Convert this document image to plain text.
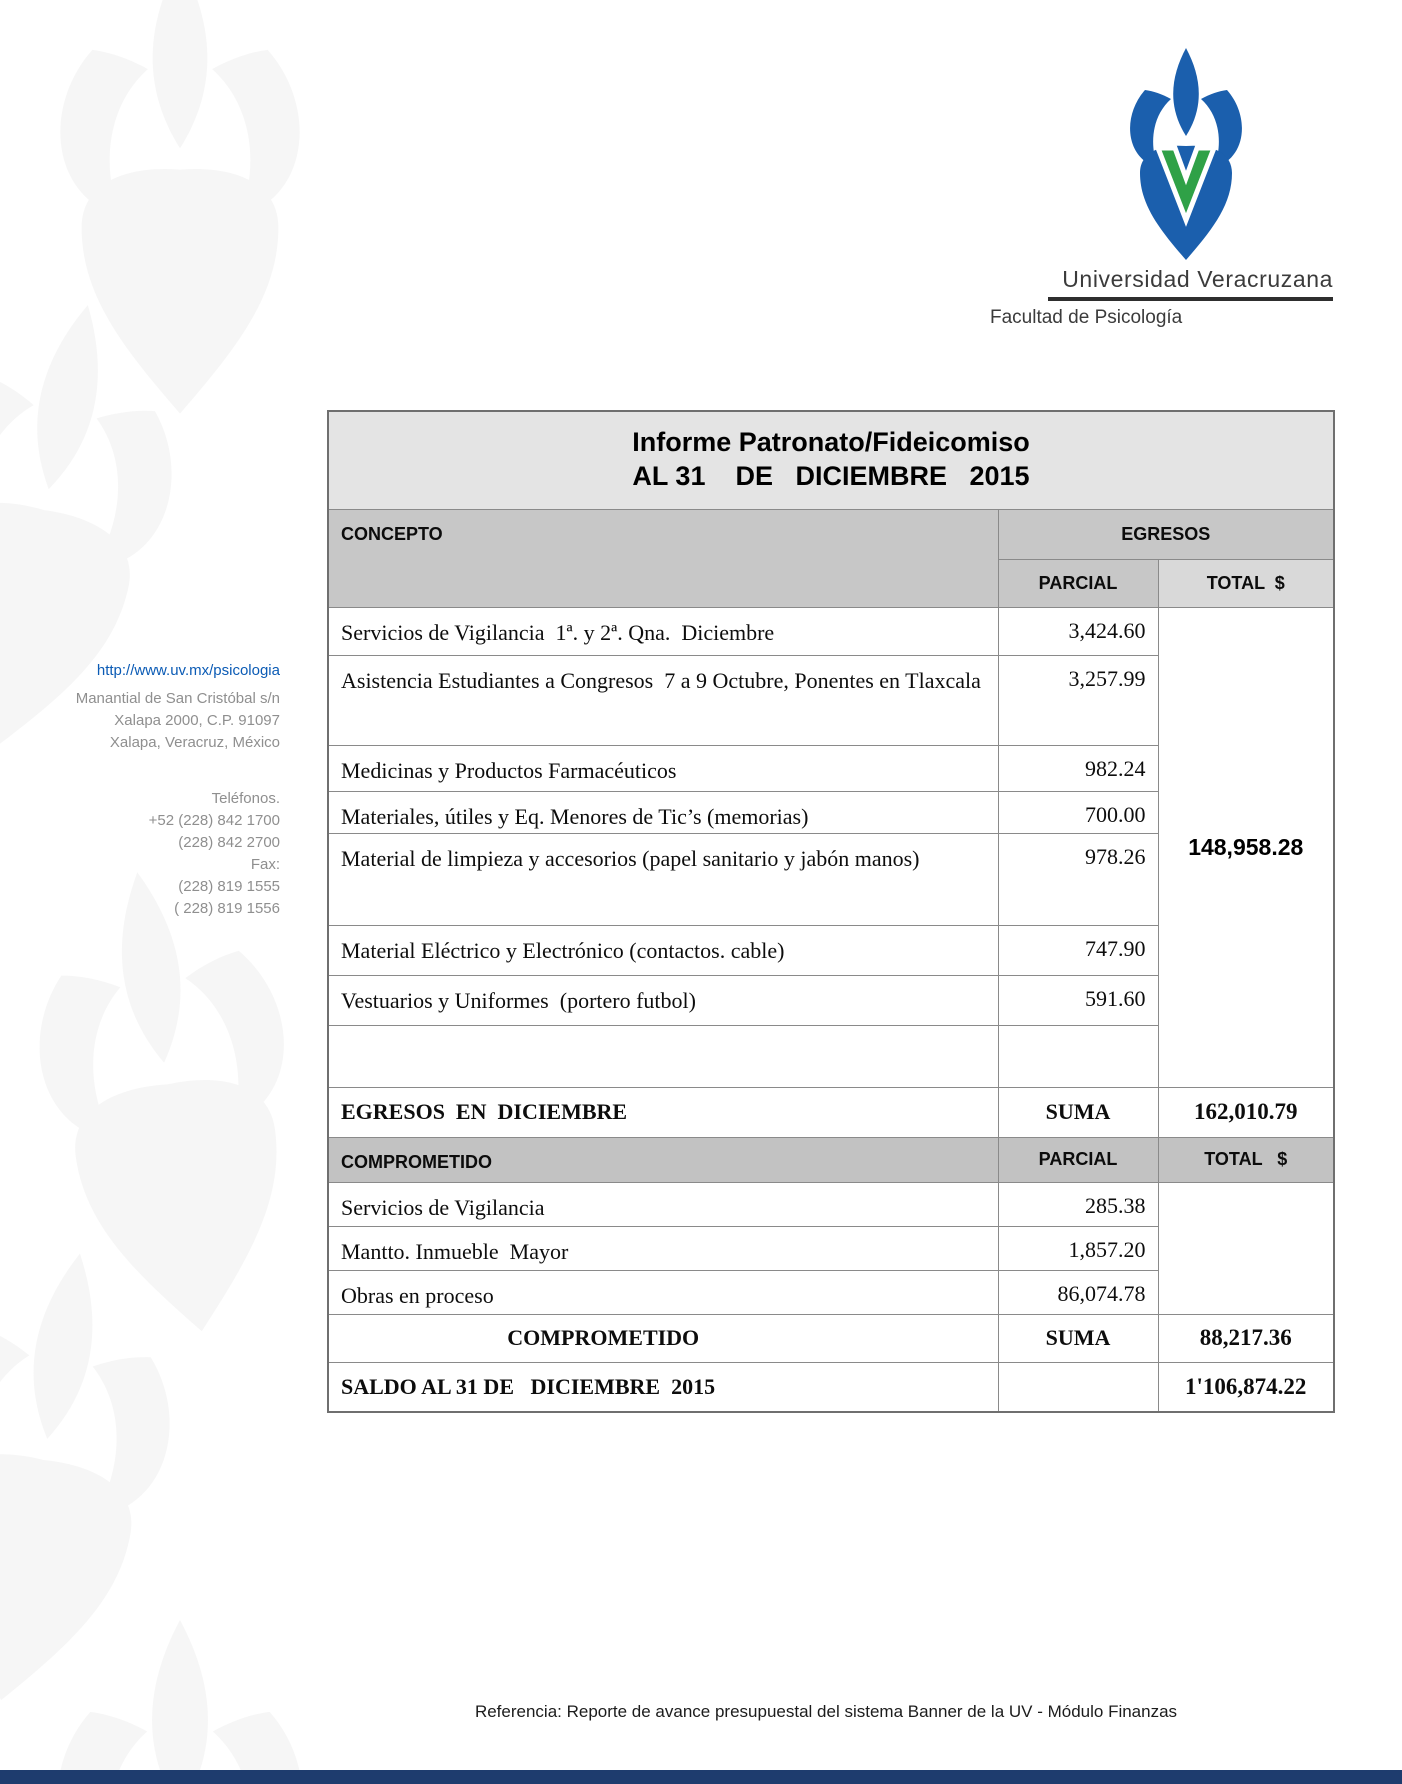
Universidad Veracruzana
Facultad de Psicología
http://www.uv.mx/psicologia
Manantial de San Cristóbal s/n
Xalapa 2000, C.P. 91097
Xalapa, Veracruz, México
Teléfonos.
+52 (228) 842 1700
(228) 842 2700
Fax:
(228) 819 1555
( 228) 819 1556
Informe Patronato/Fideicomiso
AL 31    DE   DICIEMBRE   2015		

CONCEPTO	EGRESOS	
	PARCIAL	TOTAL  $
Servicios de Vigilancia  1ª. y 2ª. Qna.  Diciembre	3,424.60	148,958.28
Asistencia Estudiantes a Congresos  7 a 9 Octubre, Ponentes en Tlaxcala	3,257.99	
Medicinas y Productos Farmacéuticos	982.24	
Materiales, útiles y Eq. Menores de Tic’s (memorias)	700.00	
Material de limpieza y accesorios (papel sanitario y jabón manos)	978.26	
Material Eléctrico y Electrónico (contactos. cable)	747.90	
Vestuarios y Uniformes  (portero futbol)	591.60	

EGRESOS  EN  DICIEMBRE	SUMA	162,010.79
COMPROMETIDO	PARCIAL	TOTAL   $
Servicios de Vigilancia	285.38	
Mantto. Inmueble  Mayor	1,857.20	
Obras en proceso	86,074.78	
COMPROMETIDO	SUMA	88,217.36
SALDO AL 31 DE   DICIEMBRE  2015		1'106,874.22
Referencia: Reporte de avance presupuestal del sistema Banner de la UV - Módulo Finanzas
